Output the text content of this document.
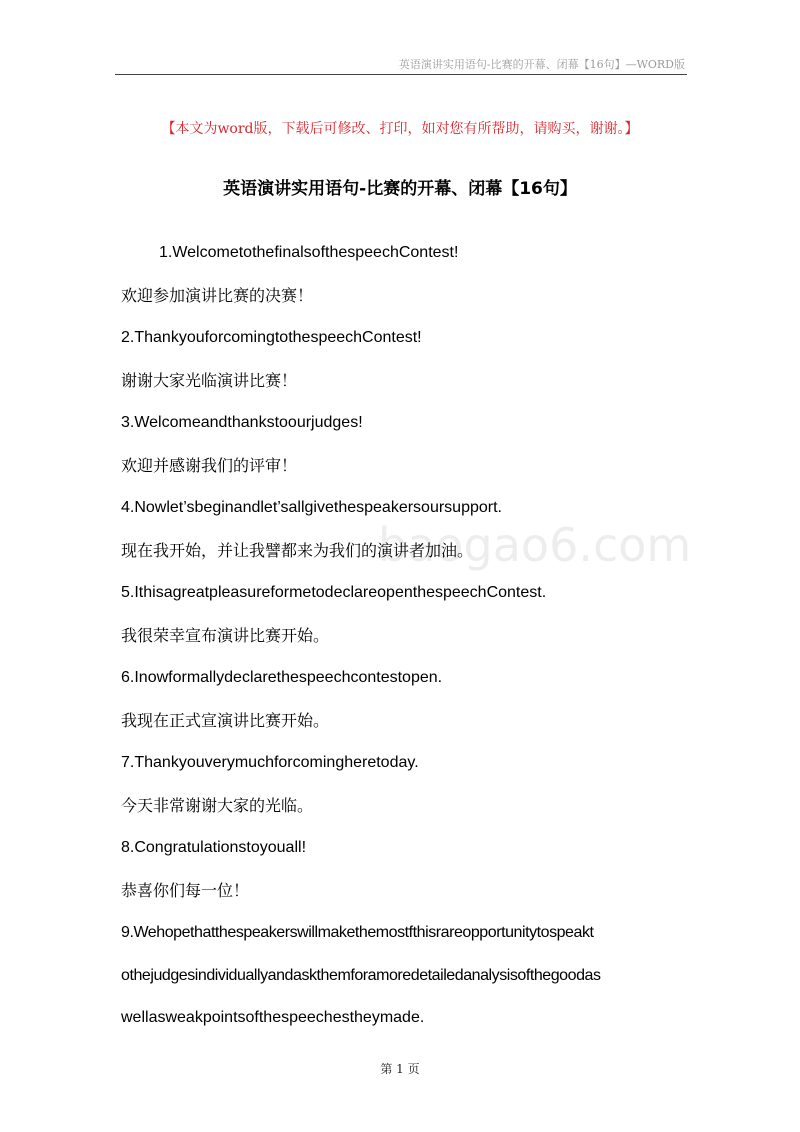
英语演讲实用语句-比赛的开幕、闭幕【16句】—WORD版
【本文为word版，下载后可修改、打印，如对您有所帮助，请购买，谢谢。】
英语演讲实用语句-比赛的开幕、闭幕【16句】
baogao6.com
1.WelcometothefinalsofthespeechContest!
欢迎参加演讲比赛的决赛！
2.ThankyouforcomingtothespeechContest!
谢谢大家光临演讲比赛！
3.Welcomeandthankstoourjudges!
欢迎并感谢我们的评审！
4.Nowlet’sbeginandlet’sallgivethespeakersoursupport.
现在我开始，并让我譬都来为我们的演讲者加油。
5.IthisagreatpleasureformetodeclareopenthespeechContest.
我很荣幸宣布演讲比赛开始。
6.Inowformallydeclarethespeechcontestopen.
我现在正式宣演讲比赛开始。
7.Thankyouverymuchforcomingheretoday.
今天非常谢谢大家的光临。
8.Congratulationstoyouall!
恭喜你们每一位！
9.Wehopethatthespeakerswillmakethemostfthisrareopportunitytospeakt
othejudgesindividuallyandaskthemforamoredetailedanalysisofthegoodas
wellasweakpointsofthespeechestheymade.
第 1 页
